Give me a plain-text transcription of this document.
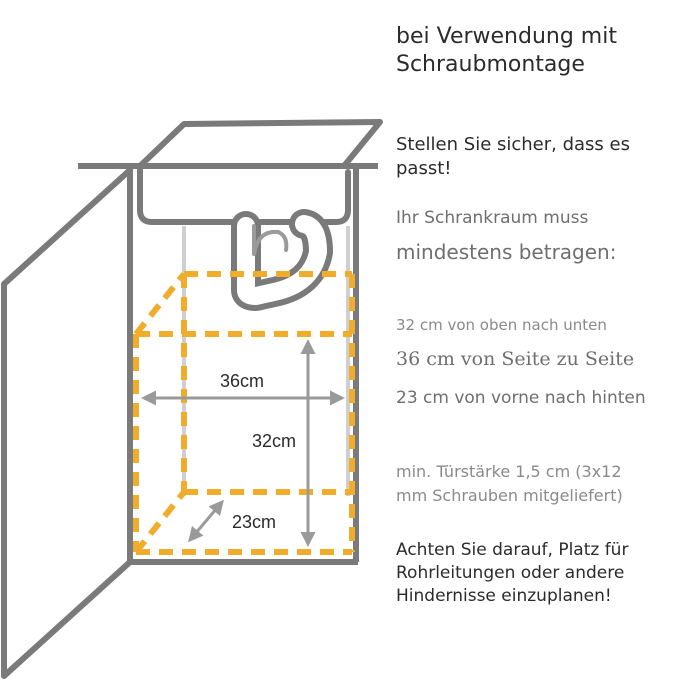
36cm
32cm
23cm

bei Verwendung mit

Schraubmontage

Stellen Sie sicher, dass es

passt!

Ihr Schrankraum muss

mindestens betragen:

32 cm von oben nach unten

36 cm von Seite zu Seite

23 cm von vorne nach hinten

min. Türstärke 1,5 cm (3x12

mm Schrauben mitgeliefert)

Achten Sie darauf, Platz für

Rohrleitungen oder andere

Hindernisse einzuplanen!
